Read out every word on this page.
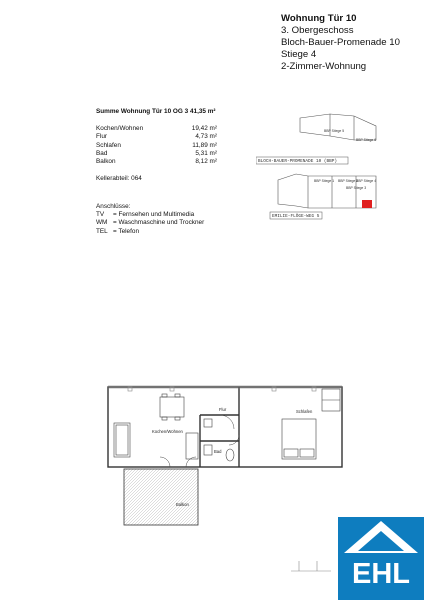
Wohnung Tür 10
3. Obergeschoss
Bloch-Bauer-Promenade 10
Stiege 4
2-Zimmer-Wohnung
Summe Wohnung Tür 10 OG 3 41,35 m²
Kochen/Wohnen	19,42 m²
Flur	4,73 m²
Schlafen	11,89 m²
Bad	5,31 m²
Balkon	8,12 m²
Kellerabteil: 064
Anschlüsse:
TV = Fernsehen und Multimedia
WM = Waschmaschine und Trockner
TEL = Telefon
BBP Stiege 5
BBP Stiege 6
BBP Stiege 1 BBP Stiege 2
BBP Stiege 3
BBP Stiege 4
BLOCH-BAUER-PROMENADE 10 (BBP)
EMILIE-FLÖGE-WEG 5
Kochen/Wohnen
Flur	Schlafen
Bad
Balkon
EHL
